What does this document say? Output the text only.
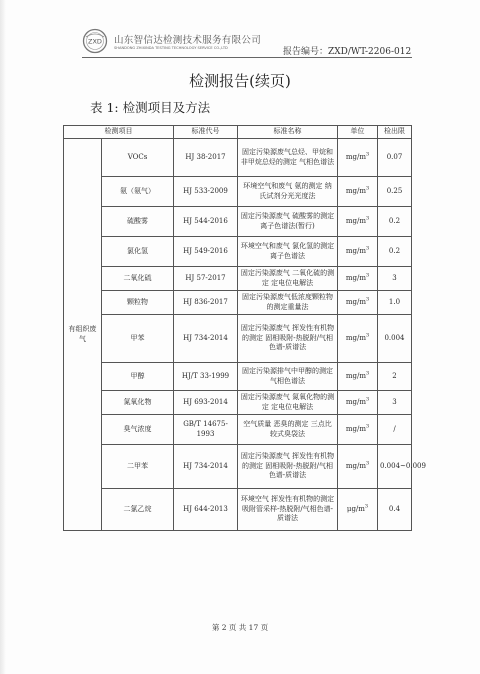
ZXD 山东智信达检测技术服务有限公司
SHANDONG ZHIXINDA TESTING TECHNOLOGY SERVICE CO.,LTD	报告编号：ZXD/WT-2206-012
检测报告(续页)
表 1: 检测项目及方法
检测项目		标准代号	标准名称	单位	检出限
有组织废气	VOCs	HJ 38-2017	固定污染源废气总烃、甲烷和非甲烷总烃的测定 气相色谱法	$mg/m^3$	0.07
	氨（氨气）	HJ 533-2009	环境空气和废气 氨的测定 纳氏试剂分光光度法	$mg/m^3$	0.25
	硫酸雾	HJ 544-2016	固定污染源废气 硫酸雾的测定 离子色谱法(暂行)	$mg/m^3$	0.2
	氯化氢	HJ 549-2016	环境空气和废气 氯化氢的测定 离子色谱法	$mg/m^3$	0.2
	二氧化硫	HJ 57-2017	固定污染源废气 二氧化硫的测定 定电位电解法	$mg/m^3$	3
	颗粒物	HJ 836-2017	固定污染源废气低浓度颗粒物的测定重量法	$mg/m^3$	1.0
	甲苯	HJ 734-2014	固定污染源废气 挥发性有机物的测定 固相吸附-热脱附/气相色谱-质谱法	$mg/m^3$	0.004
	甲醇	HJ/T 33-1999	固定污染源排气中甲醇的测定 气相色谱法	$mg/m^3$	2
	氮氧化物	HJ 693-2014	固定污染源废气 氮氧化物的测定 定电位电解法	$mg/m^3$	3
	臭气浓度	GB/T 14675-1993	空气质量 恶臭的测定 三点比较式臭袋法	$mg/m^3$	/
	二甲苯	HJ 734-2014	固定污染源废气 挥发性有机物的测定 固相吸附-热脱附/气相色谱-质谱法	$mg/m^3$	0.004~0.009
	二氯乙烷	HJ 644-2013	环境空气 挥发性有机物的测定 吸附管采样-热脱附/气相色谱-质谱法	$\mu g/m^3$	0.4
第 2 页 共 17 页
